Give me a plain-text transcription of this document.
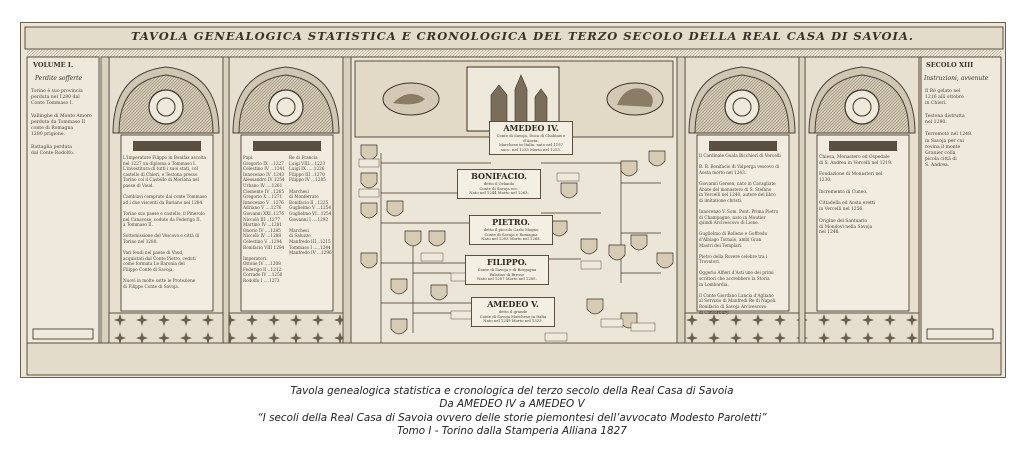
TAVOLA GENEALOGICA STATISTICA E CRONOLOGICA DEL TERZO SECOLO DELLA REAL CASA DI SAVOIA.
VOLUME I.
Perdite sofferte
SECOLO XIII
Instruzioni, avvenute
Torino è suo provincia
perduta nel 1280 dal
Conte Tommaso I.

Vallinghe di Monte Amoro
perduta da Tommaso II
conte di Romagna
1280 prigione.

Battaglia perduta
dal Conte Rodolfo.
L'Imperatore Filippo in Bonifaz ascolta
nel 1227 un diploma a Tommaso I.
L'investitura di tutti i suoi stati, col
castello di Chieri, e Testona presso
Torino col il Castello di Moriana nel
paese di Vaud.

Cambiavi comprato dal conte Tommaso
ad i due visconti da Bariano nel 1284.

Torino suo paese e castello, il Pinerolo
nel Canavese, ceduto da Federigo II.
a Tommaso II.

Sottomissione del Vescovo e città di
Torino nel 1280.

Vari feudi nel paese di Vaud,
acquistati dal Conte Pietro, ceduti
come formata Le Baronia del
Filippo Conte di Savoja.

Nuovi in molte sotte le Protezione
di Filippo Conte di Savoja.
Papi.
Gregorio IX ...1227
Celestino IV ...1241
Innocenzo IV .1243
Alessandro IV 1254
Urbano IV ....1261
Clemente IV ..1265
Gregorio X ...1271
Innocenzo V ..1276
Adriano V ....1276
Giovanni XXI..1276
Niccolò III ..1277
Martino IV ...1281
Onorio IV ....1285
Niccolò IV ...1288
Celestino V ..1294
Bonifacio VIII 1294

Imperatori.
Ottone IV ....1208
Federigo II ..1212
Corrado IV ...1250
Rodolfo I ....1273
Re di Francia
Luigi VIII....1223
Luigi IX .....1226
Filippo III ..1270
Filippo IV ...1285

Marchesi
di Monferrato
Bonifacio II ..1225
Guglielmo V ...1254
Guglielmo VI...1254
Giovanni I ....1292

Marchesi
di Saluzzo
Manfredo III ..1215
Tommaso I .....1244
Manfredo IV ...1296
Il Cardinale Guala Bicchieri di Vercelli

B. B. Bonifacio di Valperga vescovo di
Aosta morto nel 1243.

Giovanni Gersen, nato in Cavagliate
Abate del monastero di S. Stefano
in Vercelli nel 1240, autore del libro
di imitatione christi.

Innocenzo V. Som. Pont. Prima Pietro
di Champagne, nato in Moutier
quindi Arcivescovo di Lione.

Guglielmo di Rolleno e Goffredo
d'Albiago Tornaio, ambi Gran
Mastri dei Templari.

Pietro della Rovere celebre tra i
Trovatori.

Oggerio Alfieri d'Asti uno dei primi
scrittori che accrebbero la Storia
in Lombardia.

Il Conte Giordano Lancia d'Agliano
al Servizio di Manfredi Re di Napoli.
Bonifacio di Savoja Arcivescovo
di Canterbury.
Chiesa, Monastero ed Ospedale
di S. Andrea in Vercelli nel 1219.

Fondazione di Monasteri nel
1230.

Incremento di Cuneo.

Cittadella ed Aosta eretti
in Vercelli nel 1256.

Origine del Santuario
di Mondovì nella Savoja
nel 1248.
Il Ré gelato nel
1216 alli ottobre
in Chieri.

Testona distrutta
nel 1280.

Terremoto nel 1248.
in Savoja per cui
rovina il monte
Granier colla
picola città di
S. Andrea.
AMEDEO IV.
Conte di Savoja, Duca di Chablais e d'Aosta.
Marchese in Italia. nato nel 1197
succ. nel 1233 Morto nel 1253.
BONIFACIO.
detto il Orlando
Conte di Savoja ecc.
Nato nel 1244 Morto nel 1263.
PIETRO.
detto il piccolo Carlo Magno
Conte di Savoja e Romagna
Nato nel 1203 Morto nel 1268.
FILIPPO.
Conte di Savoja e di Borgogna
Palatino di Bresse
Nato nel 1207 Morto nel 1285.
AMEDEO V.
detto il grande
Conte di Savoja Marchese in Italia
Nato nel 1249 Morto nel 1323.
Tavola genealogica statistica e cronologica del terzo secolo della Real Casa di Savoia
Da AMEDEO IV a AMEDEO V
“I secoli della Real Casa di Savoia ovvero delle storie piemontesi dell’avvocato Modesto Paroletti”
Tomo I - Torino dalla Stamperia Alliana 1827
